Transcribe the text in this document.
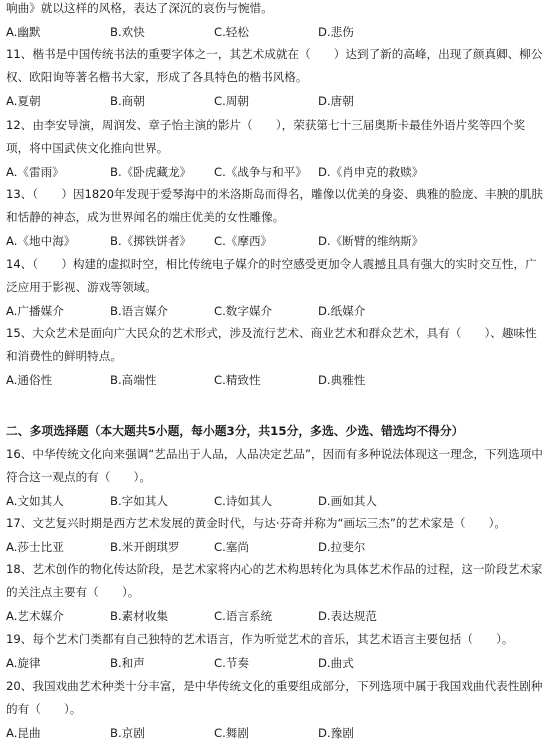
响曲》就以这样的风格，表达了深沉的哀伤与惋惜。

A.幽默	B.欢快	C.轻松	D.悲伤

11、楷书是中国传统书法的重要字体之一，其艺术成就在（　　）达到了新的高峰，出现了颜真卿、柳公权、欧阳询等著名楷书大家，形成了各具特色的楷书风格。

A.夏朝	B.商朝	C.周朝	D.唐朝

12、由李安导演，周润发、章子怡主演的影片（　　），荣获第七十三届奥斯卡最佳外语片奖等四个奖项，将中国武侠文化推向世界。

A.《雷雨》	B.《卧虎藏龙》	C.《战争与和平》 D.《肖申克的救赎》

13、（　　）因1820年发现于爱琴海中的米洛斯岛而得名，雕像以优美的身姿、典雅的脸庞、丰腴的肌肤和恬静的神态，成为世界闻名的端庄优美的女性雕像。

A.《地中海》	B.《掷铁饼者》	C.《摩西》	D.《断臂的维纳斯》

14、（　　）构建的虚拟时空，相比传统电子媒介的时空感受更加令人震撼且具有强大的实时交互性，广泛应用于影视、游戏等领域。

A.广播媒介	B.语言媒介	C.数字媒介	D.纸媒介

15、大众艺术是面向广大民众的艺术形式，涉及流行艺术、商业艺术和群众艺术，具有（　　）、趣味性和消费性的鲜明特点。

A.通俗性	B.高端性	C.精致性	D.典雅性
二、多项选择题（本大题共5小题，每小题3分，共15分，多选、少选、错选均不得分）

16、中华传统文化向来强调“艺品出于人品，人品决定艺品”，因而有多种说法体现这一理念，下列选项中符合这一观点的有（　　）。

A.文如其人	B.字如其人	C.诗如其人	D.画如其人

17、文艺复兴时期是西方艺术发展的黄金时代，与达·芬奇并称为“画坛三杰”的艺术家是（　　）。

A.莎士比亚	B.米开朗琪罗	C.塞尚	D.拉斐尔

18、艺术创作的物化传达阶段，是艺术家将内心的艺术构思转化为具体艺术作品的过程，这一阶段艺术家的关注点主要有（　　）。

A.艺术媒介	B.素材收集	C.语言系统	D.表达规范

19、每个艺术门类都有自己独特的艺术语言，作为听觉艺术的音乐，其艺术语言主要包括（　　）。

A.旋律	B.和声	C.节奏	D.曲式

20、我国戏曲艺术种类十分丰富，是中华传统文化的重要组成部分，下列选项中属于我国戏曲代表性剧种的有（　　）。

A.昆曲	B.京剧	C.舞剧	D.豫剧
